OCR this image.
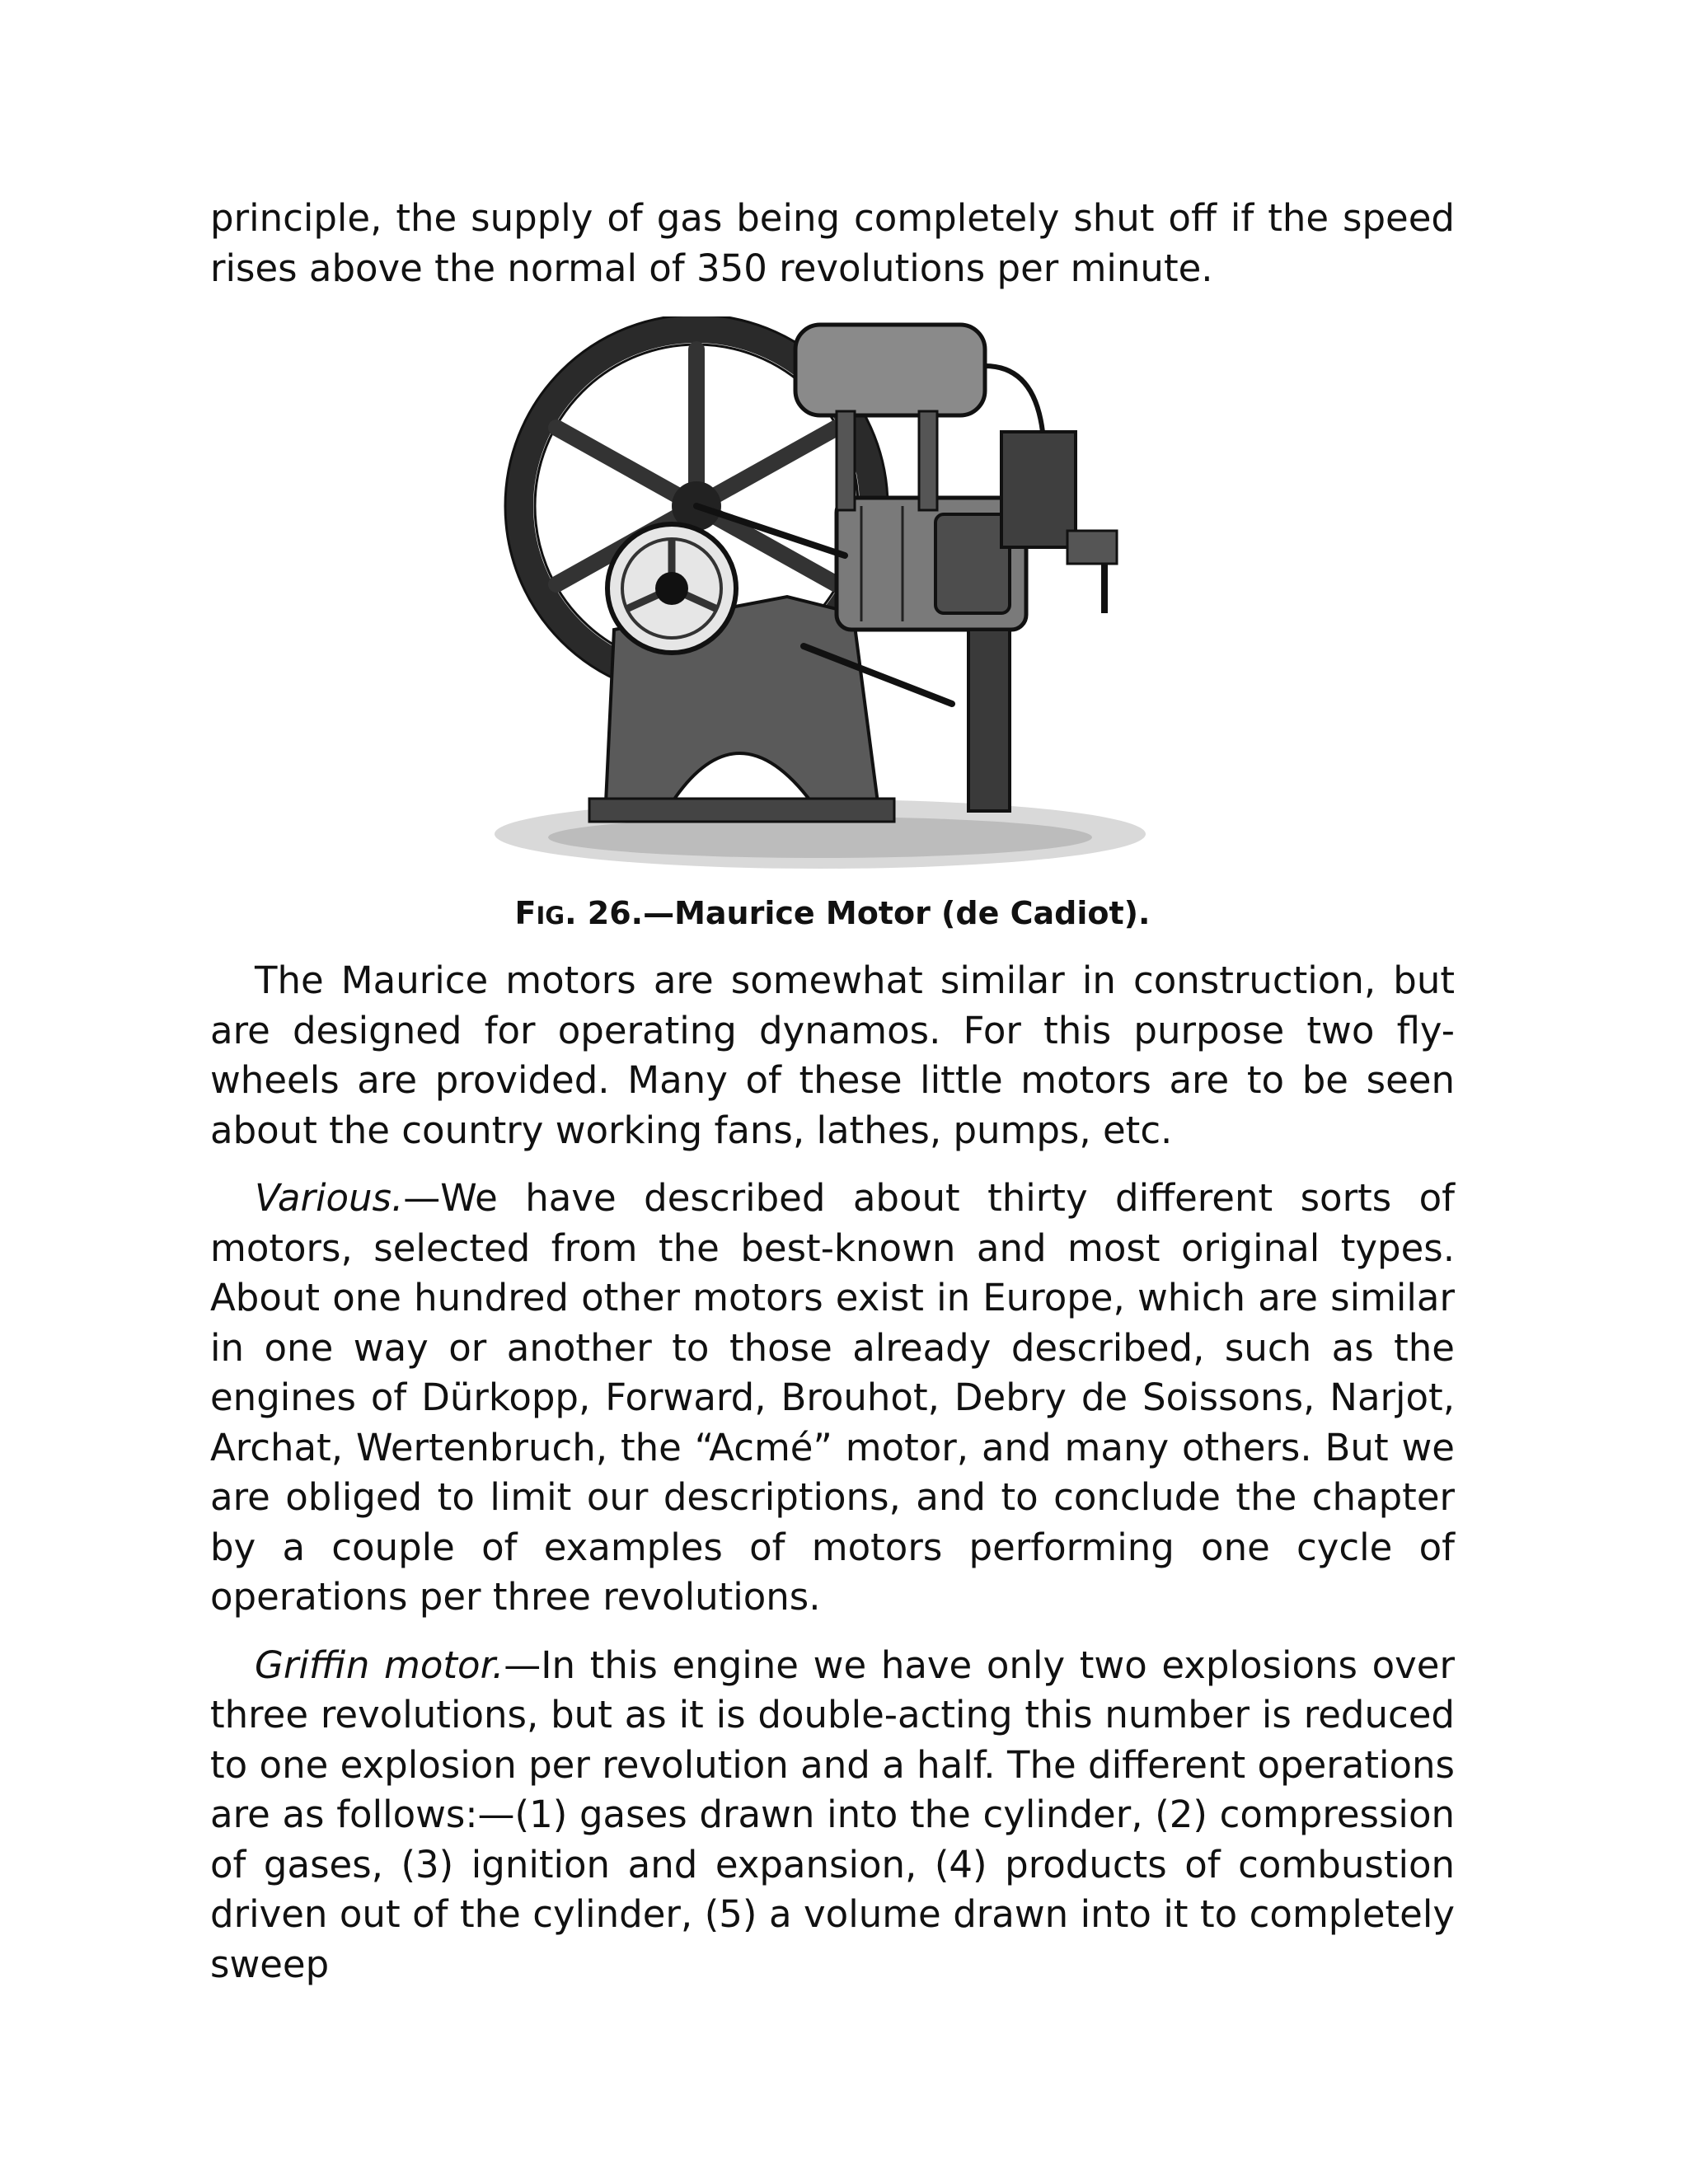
principle, the supply of gas being completely shut off if the speed rises above the normal of 350 revolutions per minute.

FIG. 26.—Maurice Motor (de Cadiot).

The Maurice motors are somewhat similar in construction, but are designed for operating dynamos. For this purpose two fly-wheels are provided. Many of these little motors are to be seen about the country working fans, lathes, pumps, etc.

Various.—We have described about thirty different sorts of motors, selected from the best-known and most original types. About one hundred other motors exist in Europe, which are similar in one way or another to those already described, such as the engines of Dürkopp, Forward, Brouhot, Debry de Soissons, Narjot, Archat, Wertenbruch, the “Acmé” motor, and many others. But we are obliged to limit our descriptions, and to conclude the chapter by a couple of examples of motors performing one cycle of operations per three revolutions.

Griffin motor.—In this engine we have only two explosions over three revolutions, but as it is double-acting this number is reduced to one explosion per revolution and a half. The different operations are as follows:—(1) gases drawn into the cylinder, (2) compression of gases, (3) ignition and expansion, (4) products of combustion driven out of the cylinder, (5) a volume drawn into it to completely sweep
